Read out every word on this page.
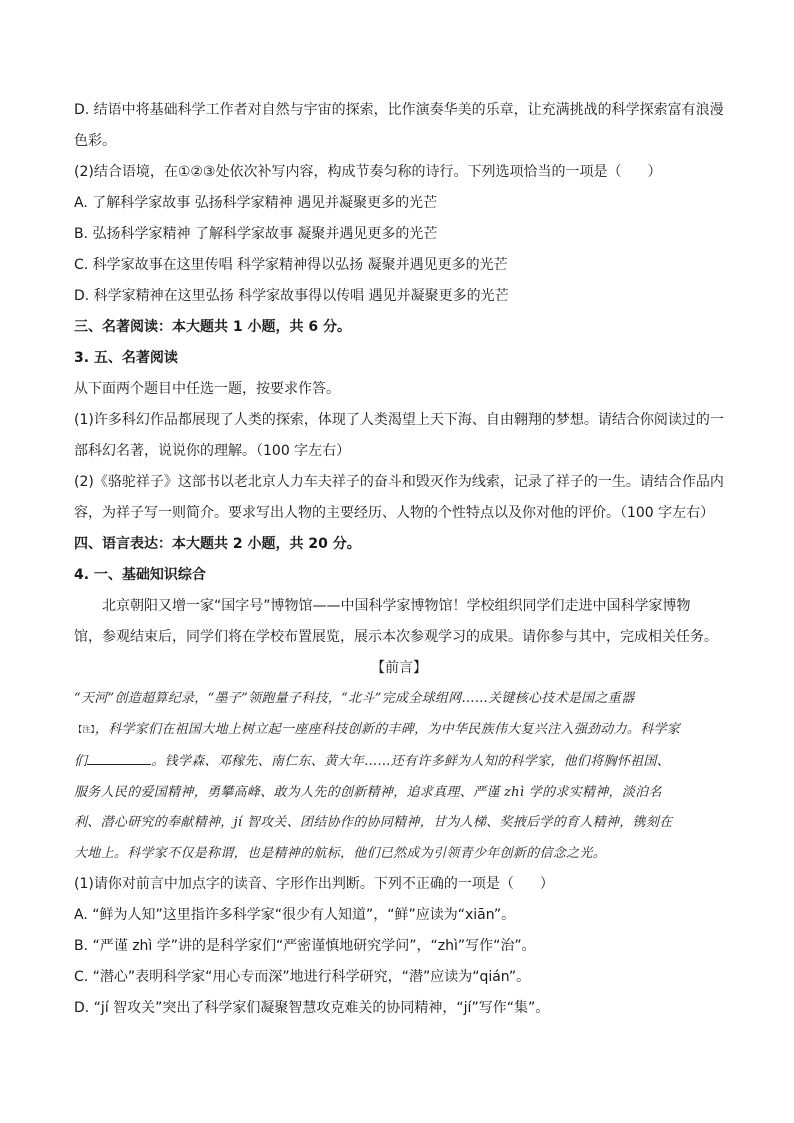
D. 结语中将基础科学工作者对自然与宇宙的探索，比作演奏华美的乐章，让充满挑战的科学探索富有浪漫
色彩。
(2)结合语境，在①②③处依次补写内容，构成节奏匀称的诗行。下列选项恰当的一项是（ ）
A. 了解科学家故事 弘扬科学家精神 遇见并凝聚更多的光芒
B. 弘扬科学家精神 了解科学家故事 凝聚并遇见更多的光芒
C. 科学家故事在这里传唱 科学家精神得以弘扬 凝聚并遇见更多的光芒
D. 科学家精神在这里弘扬 科学家故事得以传唱 遇见并凝聚更多的光芒
三、名著阅读：本大题共 1 小题，共 6 分。
3. 五、名著阅读
从下面两个题目中任选一题，按要求作答。
(1)许多科幻作品都展现了人类的探索，体现了人类渴望上天下海、自由翱翔的梦想。请结合你阅读过的一
部科幻名著，说说你的理解。（100 字左右）
(2)《骆驼祥子》这部书以老北京人力车夫祥子的奋斗和毁灭作为线索，记录了祥子的一生。请结合作品内
容，为祥子写一则简介。要求写出人物的主要经历、人物的个性特点以及你对他的评价。（100 字左右）
四、语言表达：本大题共 2 小题，共 20 分。
4. 一、基础知识综合
北京朝阳又增一家“国字号”博物馆——中国科学家博物馆！学校组织同学们走进中国科学家博物
馆，参观结束后，同学们将在学校布置展览，展示本次参观学习的成果。请你参与其中，完成相关任务。
【前言】
“天河”创造超算纪录，“墨子”领跑量子科技，“北斗”完成全球组网……关键核心技术是国之重器
$^{【注】}$，科学家们在祖国大地上树立起一座座科技创新的丰碑，为中华民族伟大复兴注入强劲动力。科学家
们	。钱学森、邓稼先、南仁东、黄大年……还有许多鲜为人知的科学家，他们将胸怀祖国、
服务人民的爱国精神，勇攀高峰、敢为人先的创新精神，追求真理、严谨 zhì 学的求实精神，淡泊名
利、潜心研究的奉献精神，jí 智攻关、团结协作的协同精神，甘为人梯、奖掖后学的育人精神，镌刻在
大地上。科学家不仅是称谓，也是精神的航标，他们已然成为引领青少年创新的信念之光。
(1)请你对前言中加点字的读音、字形作出判断。下列不正确的一项是（ ）
A. “鲜为人知”这里指许多科学家“很少有人知道”，“鲜”应读为“xiān”。
B. “严谨 zhì 学”讲的是科学家们“严密谨慎地研究学问”，“zhì”写作“治”。
C. “潜心”表明科学家“用心专而深”地进行科学研究，“潜”应读为“qián”。
D. “jí 智攻关”突出了科学家们凝聚智慧攻克难关的协同精神，“jí”写作“集”。
